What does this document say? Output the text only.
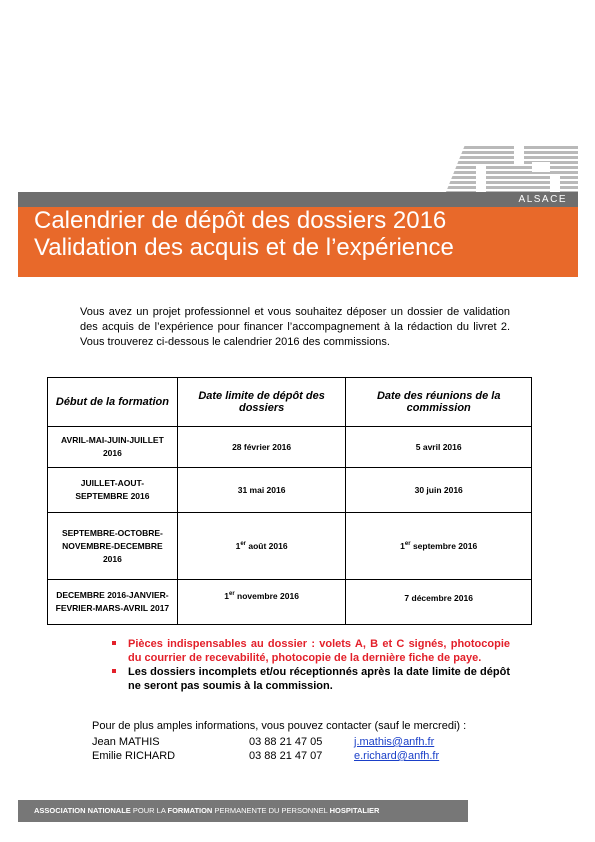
ALSACE
Calendrier de dépôt des dossiers 2016
Validation des acquis et de l’expérience

Vous avez un projet professionnel et vous souhaitez déposer un dossier de validation des acquis de l’expérience pour financer l’accompagnement à la rédaction du livret 2. Vous trouverez ci-dessous le calendrier 2016 des commissions.

Début de la formation	Date limite de dépôt des dossiers	Date des réunions de la commission
AVRIL-MAI-JUIN-JUILLET 2016	28 février 2016	5 avril 2016
JUILLET-AOUT-SEPTEMBRE 2016	31 mai 2016	30 juin 2016
SEPTEMBRE-OCTOBRE-NOVEMBRE-DECEMBRE 2016	1er août 2016	1er septembre 2016
DECEMBRE 2016-JANVIER-FEVRIER-MARS-AVRIL 2017	1er novembre 2016	7 décembre 2016
Pièces indispensables au dossier : volets A, B et C signés, photocopie du courrier de recevabilité, photocopie de la dernière fiche de paye.
Les dossiers incomplets et/ou réceptionnés après la date limite de dépôt ne seront pas soumis à la commission.
Pour de plus amples informations, vous pouvez contacter (sauf le mercredi) :
Jean MATHIS	03 88 21 47 05	j.mathis@anfh.fr
Emilie RICHARD	03 88 21 47 07	e.richard@anfh.fr
ASSOCIATION NATIONALE POUR LA FORMATION PERMANENTE DU PERSONNEL HOSPITALIER
